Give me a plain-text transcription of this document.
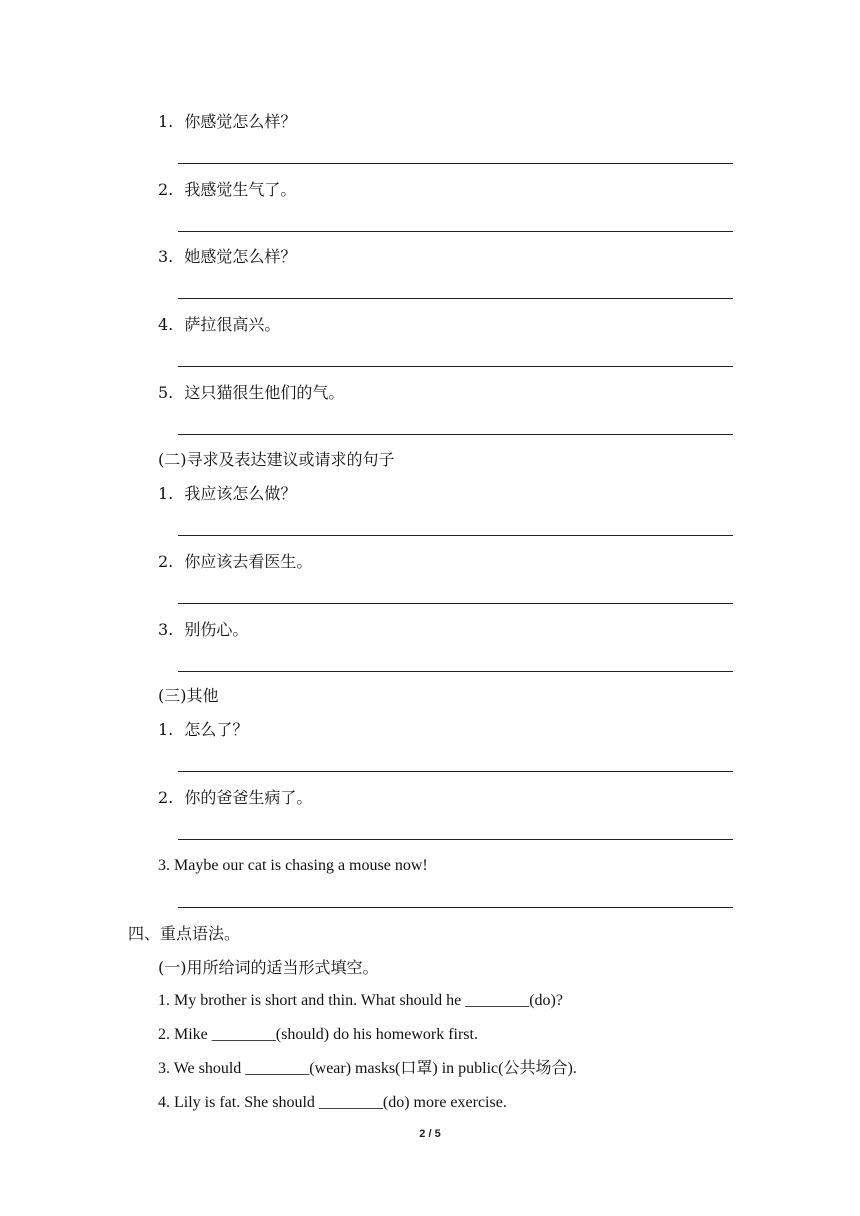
1. 你感觉怎么样？
2. 我感觉生气了。
3. 她感觉怎么样？
4. 萨拉很高兴。
5. 这只猫很生他们的气。
(二)寻求及表达建议或请求的句子
1. 我应该怎么做？
2. 你应该去看医生。
3. 别伤心。
(三)其他
1. 怎么了？
2. 你的爸爸生病了。
3. Maybe our cat is chasing a mouse now!
四、重点语法。
(一)用所给词的适当形式填空。
1. My brother is short and thin. What should he ________(do)?
2. Mike ________(should) do his homework first.
3. We should ________(wear) masks(口罩) in public(公共场合).
4. Lily is fat. She should ________(do) more exercise.
2 / 5
